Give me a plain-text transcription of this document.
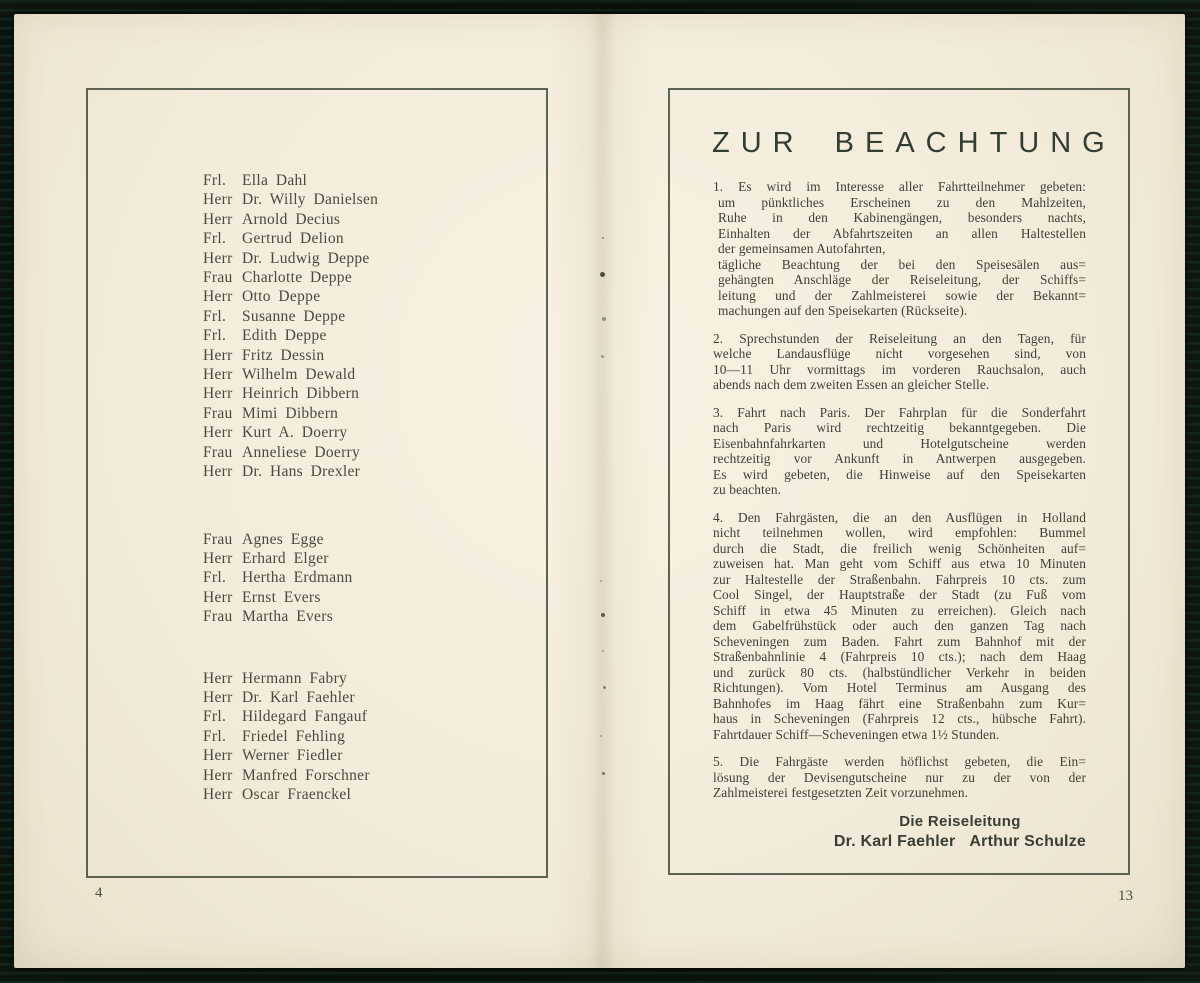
Frl.	Ella Dahl
Herr Dr. Willy Danielsen
Herr Arnold Decius
Frl.	Gertrud Delion
Herr Dr. Ludwig Deppe
Frau Charlotte Deppe
Herr Otto Deppe
Frl.	Susanne Deppe
Frl.	Edith Deppe
Herr Fritz Dessin
Herr Wilhelm Dewald
Herr Heinrich Dibbern
Frau Mimi Dibbern
Herr Kurt A. Doerry
Frau Anneliese Doerry
Herr Dr. Hans Drexler
Frau Agnes Egge
Herr Erhard Elger
Frl.	Hertha Erdmann
Herr Ernst Evers
Frau Martha Evers
Herr Hermann Fabry
Herr Dr. Karl Faehler
Frl.	Hildegard Fangauf
Frl.	Friedel Fehling
Herr Werner Fiedler
Herr Manfred Forschner
Herr Oscar Fraenckel
4
ZUR BEACHTUNG

1. Es wird im Interesse aller Fahrtteilnehmer gebeten:
um pünktliches Erscheinen zu den Mahlzeiten,
Ruhe in den Kabinengängen, besonders nachts,
Einhalten der Abfahrtszeiten an allen Haltestellen
der gemeinsamen Autofahrten,
tägliche Beachtung der bei den Speisesälen aus=
gehängten Anschläge der Reiseleitung, der Schiffs=
leitung und der Zahlmeisterei sowie der Bekannt=
machungen auf den Speisekarten (Rückseite).

2. Sprechstunden der Reiseleitung an den Tagen, für
welche Landausflüge nicht vorgesehen sind, von
10—11 Uhr vormittags im vorderen Rauchsalon, auch
abends nach dem zweiten Essen an gleicher Stelle.

3. Fahrt nach Paris. Der Fahrplan für die Sonderfahrt
nach Paris wird rechtzeitig bekanntgegeben. Die
Eisenbahnfahrkarten und Hotelgutscheine werden
rechtzeitig vor Ankunft in Antwerpen ausgegeben.
Es wird gebeten, die Hinweise auf den Speisekarten
zu beachten.

4. Den Fahrgästen, die an den Ausflügen in Holland
nicht teilnehmen wollen, wird empfohlen: Bummel
durch die Stadt, die freilich wenig Schönheiten auf=
zuweisen hat. Man geht vom Schiff aus etwa 10 Minuten
zur Haltestelle der Straßenbahn. Fahrpreis 10 cts. zum
Cool Singel, der Hauptstraße der Stadt (zu Fuß vom
Schiff in etwa 45 Minuten zu erreichen). Gleich nach
dem Gabelfrühstück oder auch den ganzen Tag nach
Scheveningen zum Baden. Fahrt zum Bahnhof mit der
Straßenbahnlinie 4 (Fahrpreis 10 cts.); nach dem Haag
und zurück 80 cts. (halbstündlicher Verkehr in beiden
Richtungen). Vom Hotel Terminus am Ausgang des
Bahnhofes im Haag fährt eine Straßenbahn zum Kur=
haus in Scheveningen (Fahrpreis 12 cts., hübsche Fahrt).
Fahrtdauer Schiff—Scheveningen etwa 1½ Stunden.

5. Die Fahrgäste werden höflichst gebeten, die Ein=
lösung der Devisengutscheine nur zu der von der
Zahlmeisterei festgesetzten Zeit vorzunehmen.

Die Reiseleitung
Dr. Karl Faehler Arthur Schulze
13
